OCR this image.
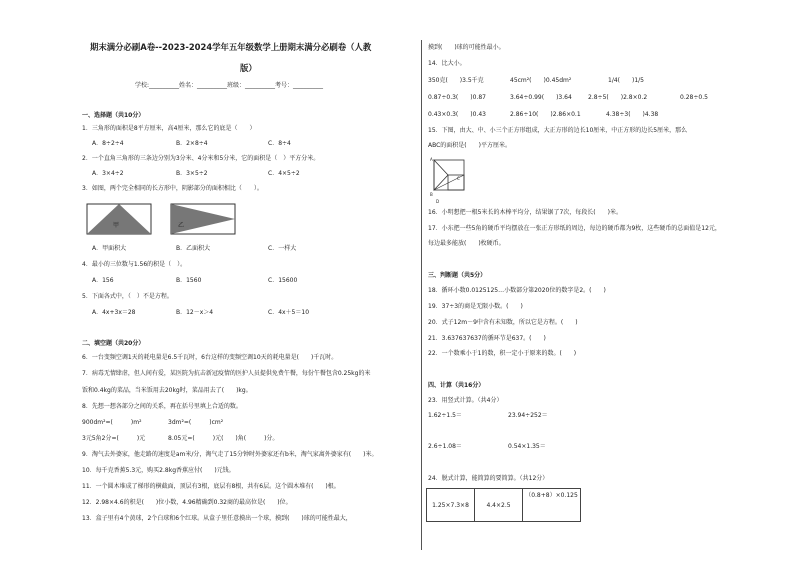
期末满分必刷A卷--2023-2024学年五年级数学上册期末满分必刷卷（人教
版）
学校:__________姓名：__________班级：__________考号：__________
一、选择题（共10分）
1．三角形的面积是8平方厘米，高4厘米，那么它的底是（　　）
A．8÷2÷4	B．2×8÷4	C．8÷4
2．一个直角三角形的三条边分别为3分米、4分米和5分米，它的面积是（　）平方分米。
A．3×4÷2	B．3×5÷2	C．4×5÷2
3．如图，两个完全相同的长方形中，阴影部分的面积相比（　　）。
甲	乙
A．甲面积大	B．乙面积大	C．一样大
4．最小的三位数与1.56的积是（　）。
A．156	B．1560	C．15600
5．下面各式中，（　）不是方程。
A．4x+3x＝28	B．12－x＞4	C．4x＋5＝10
二、填空题（共20分）
6．一台变频空调1天的耗电量是6.5千瓦时，6台这样的变频空调10天的耗电量是(　　)千瓦时。
7．病毒无情肆虐，但人间有爱，某医院为抗击新冠疫情的医护人员提供免费午餐，每份午餐包含0.25kg的米
饭和0.4kg的菜品，当米饭用去20kg时，菜品用去了(　　)kg。
8．先想一想各部分之间的关系，再在括号里填上合适的数。
900dm²=(　　　)m²	3dm²=(　　　)cm²
3元5角2分=(　　　)元	8.05元=(　　　)元(　　)角(　　　)分。
9．淘气去外婆家，他走路的速度是am米/分，淘气走了15分钟时外婆家还有b米，淘气家离外婆家有(　　)米。
10．每千克香蕉5.3元，购买2.8kg香蕉应付(　　)元钱。
11．一个圆木堆成了梯形的横截面，顶层有3根，底层有8根，共有6层。这个圆木堆有(　　)根。
12．2.98×4.6的积是(　　)位小数，4.96精确到0.32商的最高位是(　　)位。
13．盒子里有4个黄球，2个白球和6个红球。从盒子里任意摸出一个球，摸到(　　)球的可能性最大，
摸到(　　)球的可能性最小。
14．比大小。
350克(　　)3.5千克	45cm²(　　)0.45dm²	1/4(　　)1/5
0.87÷0.3(　　)0.87	3.64÷0.99(　　)3.64	2.8÷5(　　)2.8×0.2	0.28÷0.5
0.43×0.3(　　)0.43	2.86÷10(　　)2.86×0.1	4.38÷3(　　)4.38
15．下图，由大、中、小三个正方形组成，大正方形的边长10厘米，中正方形的边长5厘米，那么
ABC的面积是(　　)平方厘米。
A
B
C
D
16．小明想把一根5米长的木棒平均分，结果锯了7次，每段长(　　)米。
17．小东把一些5角的硬币平均摆放在一张正方形纸的周边，每边的硬币都为9枚，这些硬币的总面值是12元，
每边最多能放(　　)枚硬币。
三、判断题（共5分）
18．循环小数0.0125125…小数部分第2020位的数字是2。(　　)
19．37÷3的商是无限小数。(　　)
20．式子12m－9中含有未知数，所以它是方程。(　　)
21．3.637637637的循环节是637。(　　)
22．一个数乘小于1的数，积一定小于原来的数。(　　)
四、计算（共16分）
23．用竖式计算。（共4分）
1.62÷1.5＝	23.94÷252＝
2.6÷1.08＝	0.54×1.35＝
24．脱式计算，能简算的要简算。（共12分）
1.25×7.3×8	4.4×2.5	（0.8+8）×0.125
